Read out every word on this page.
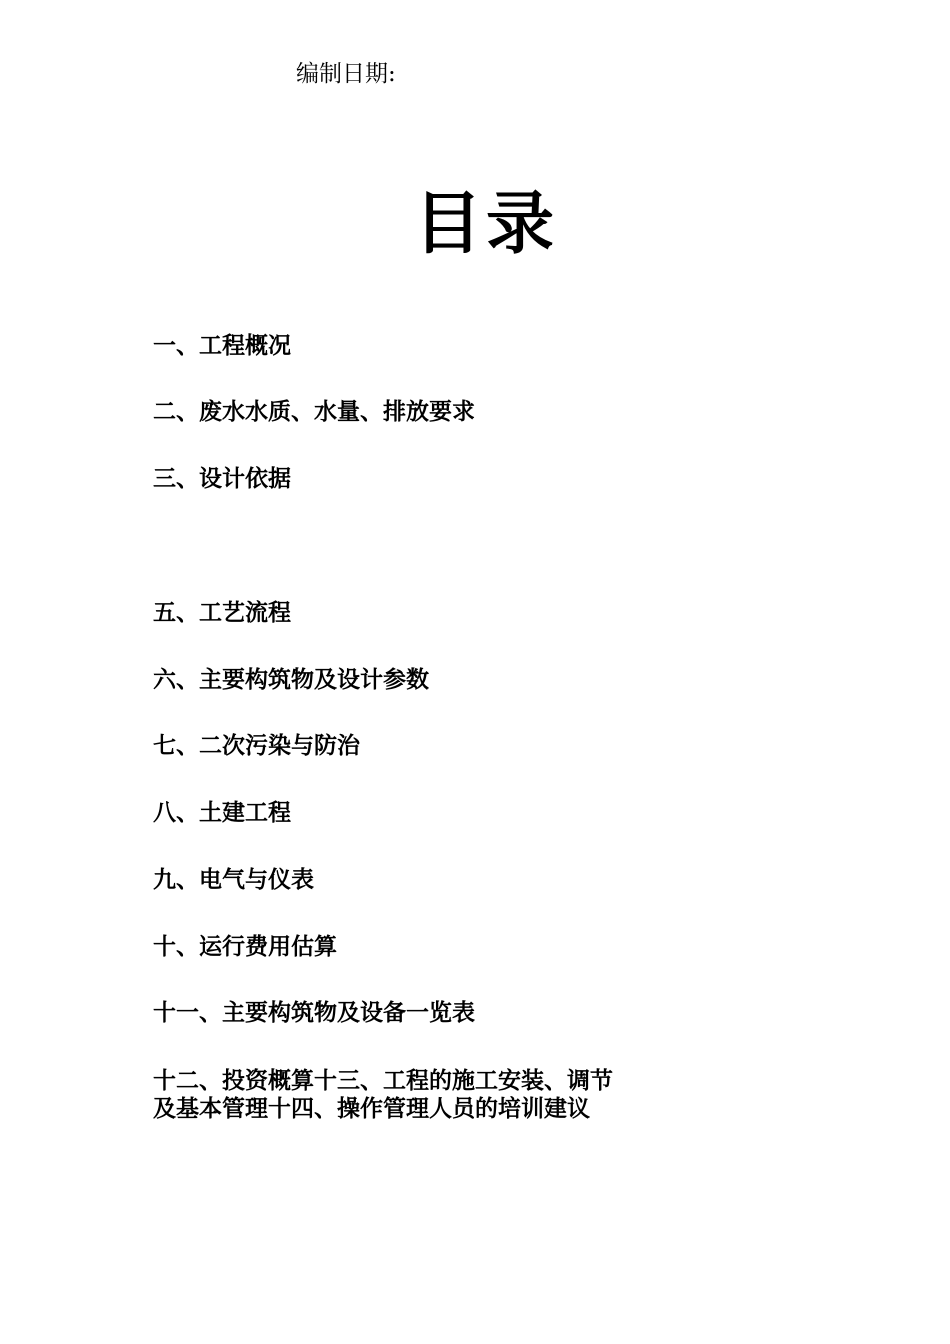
编制日期:
目录
一、工程概况
二、废水水质、水量、排放要求
三、设计依据
五、工艺流程
六、主要构筑物及设计参数
七、二次污染与防治
八、土建工程
九、电气与仪表
十、运行费用估算
十一、主要构筑物及设备一览表
十二、投资概算十三、工程的施工安装、调节及基本管理十四、操作管理人员的培训建议
